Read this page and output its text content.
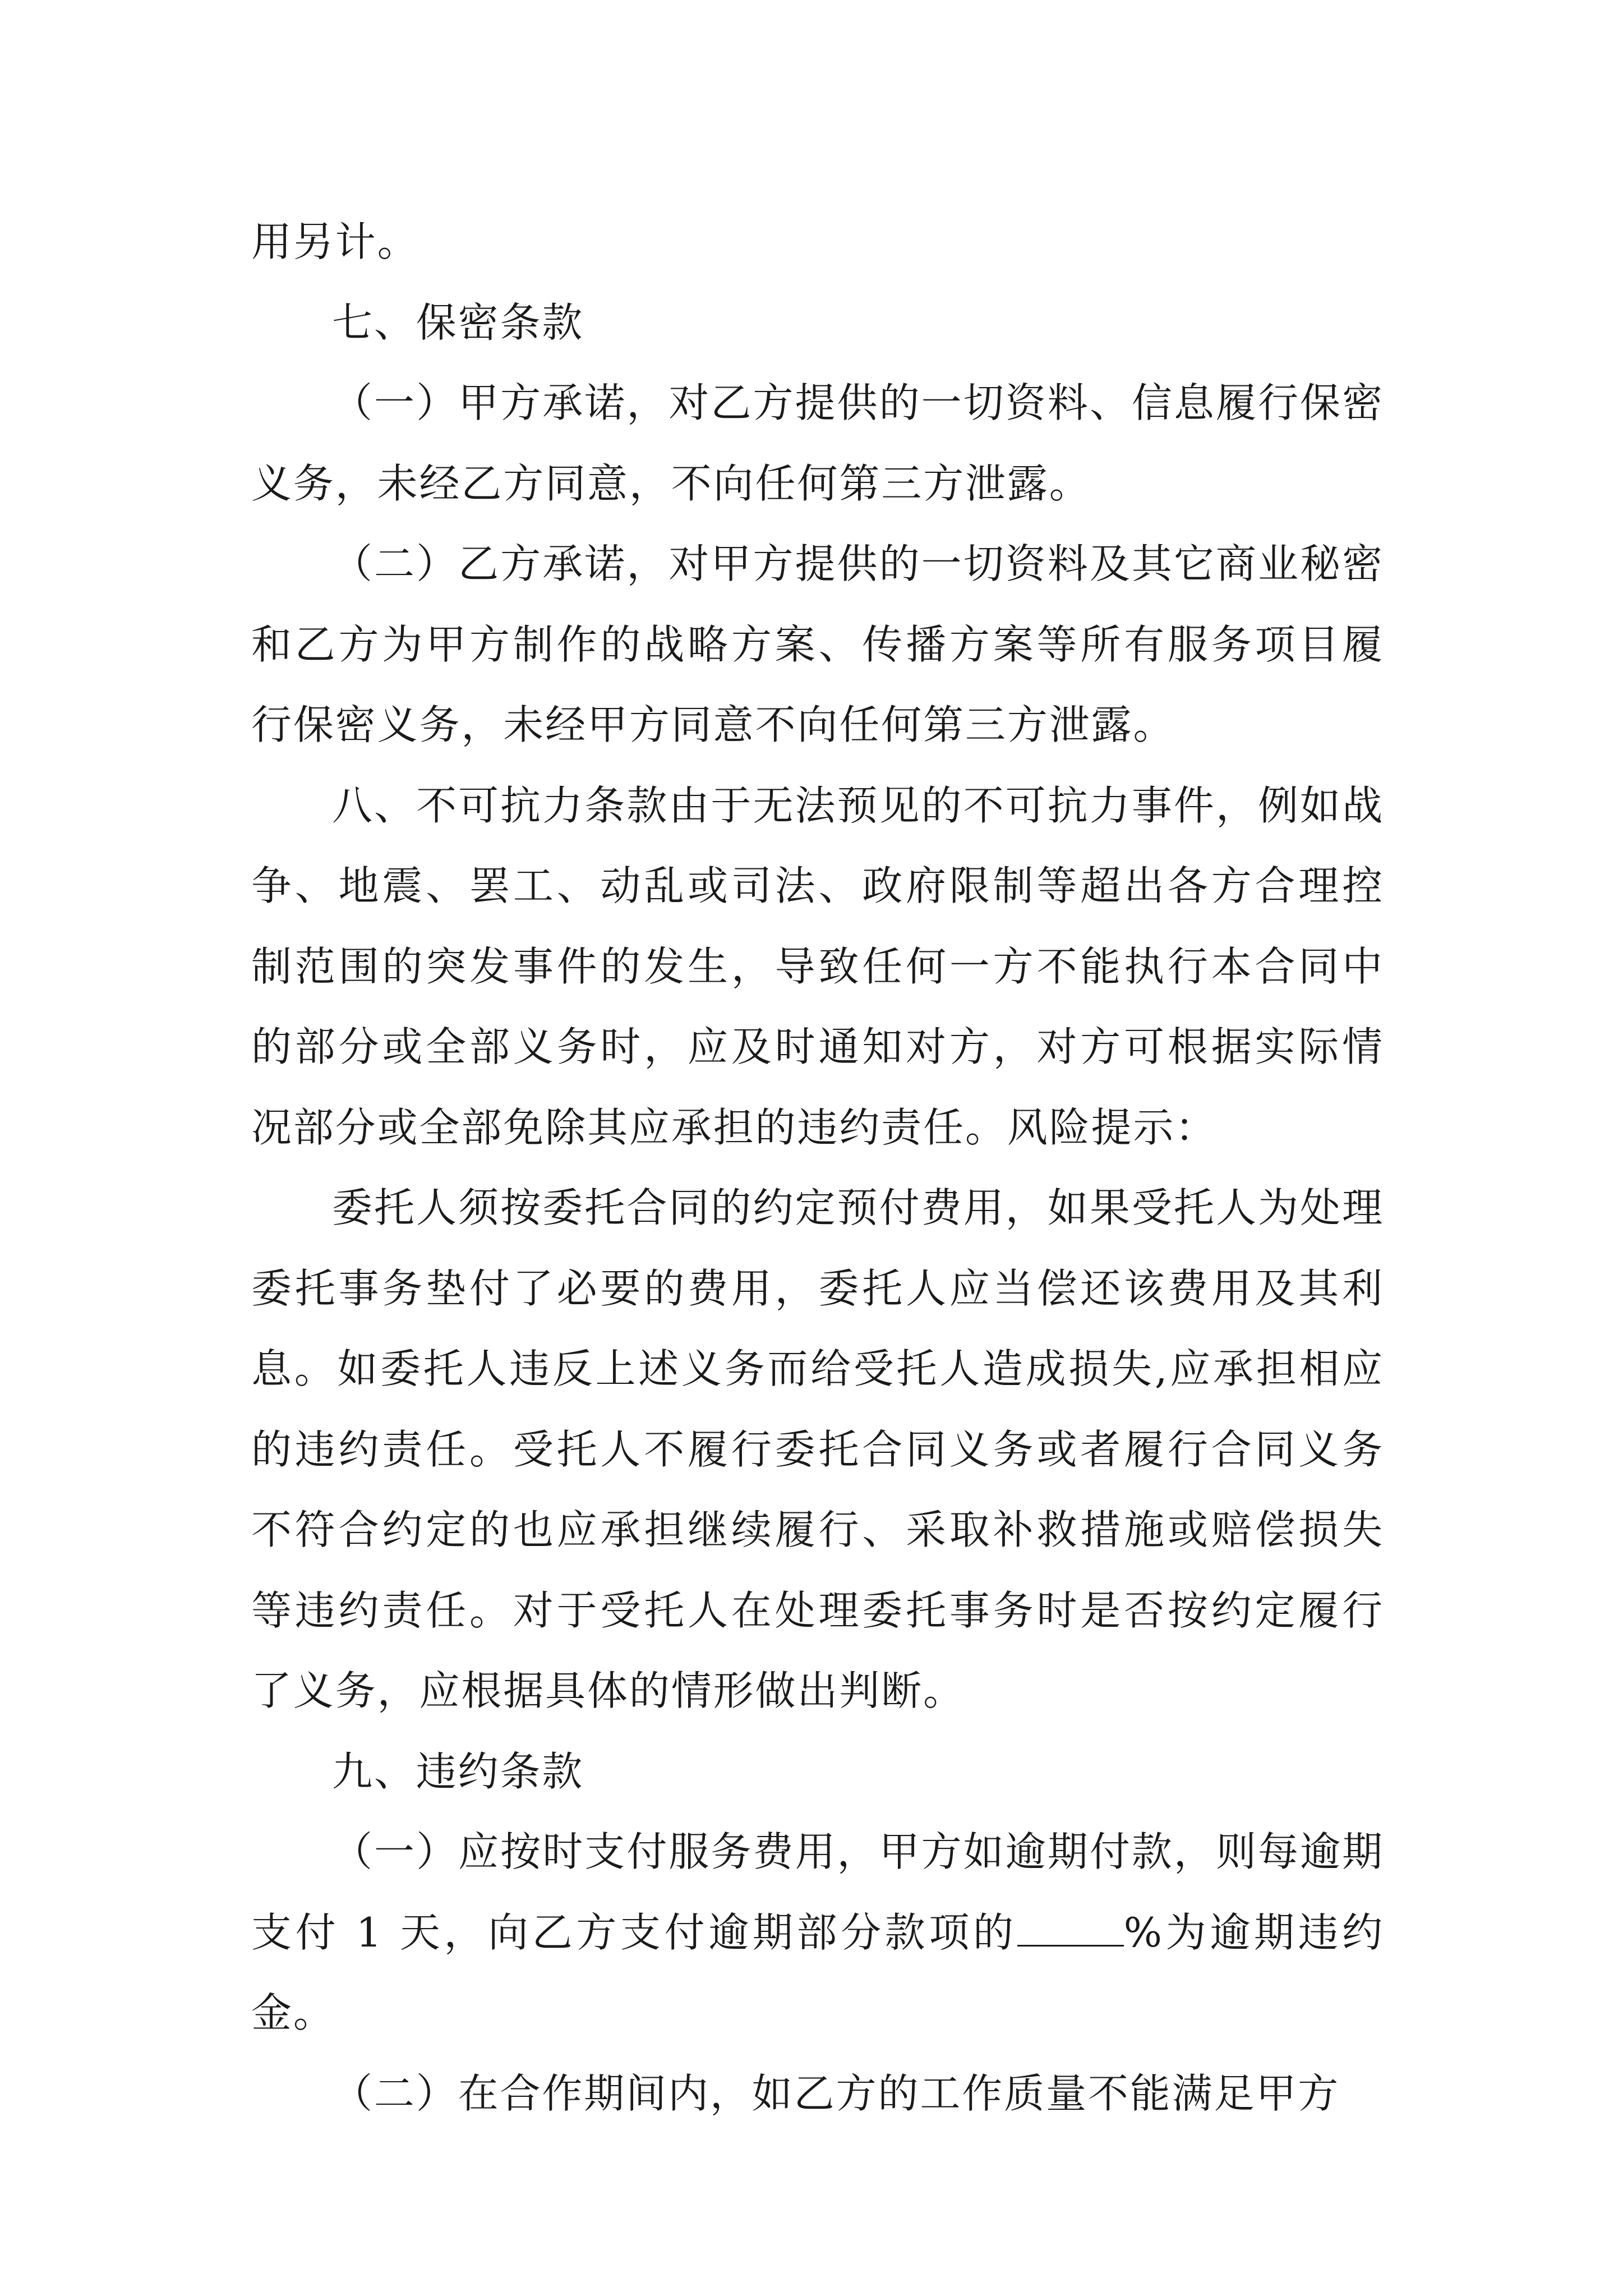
用另计。

七、保密条款

（一）甲方承诺，对乙方提供的一切资料、信息履行保密义务，未经乙方同意，不向任何第三方泄露。

（二）乙方承诺，对甲方提供的一切资料及其它商业秘密和乙方为甲方制作的战略方案、传播方案等所有服务项目履行保密义务，未经甲方同意不向任何第三方泄露。

八、不可抗力条款由于无法预见的不可抗力事件，例如战争、地震、罢工、动乱或司法、政府限制等超出各方合理控制范围的突发事件的发生，导致任何一方不能执行本合同中的部分或全部义务时，应及时通知对方，对方可根据实际情况部分或全部免除其应承担的违约责任。风险提示：

委托人须按委托合同的约定预付费用，如果受托人为处理委托事务垫付了必要的费用，委托人应当偿还该费用及其利息。如委托人违反上述义务而给受托人造成损失,应承担相应的违约责任。受托人不履行委托合同义务或者履行合同义务不符合约定的也应承担继续履行、采取补救措施或赔偿损失等违约责任。对于受托人在处理委托事务时是否按约定履行了义务，应根据具体的情形做出判断。

九、违约条款

（一）应按时支付服务费用，甲方如逾期付款，则每逾期支付 1 天，向乙方支付逾期部分款项的	%为逾期违约金。

（二）在合作期间内，如乙方的工作质量不能满足甲方
